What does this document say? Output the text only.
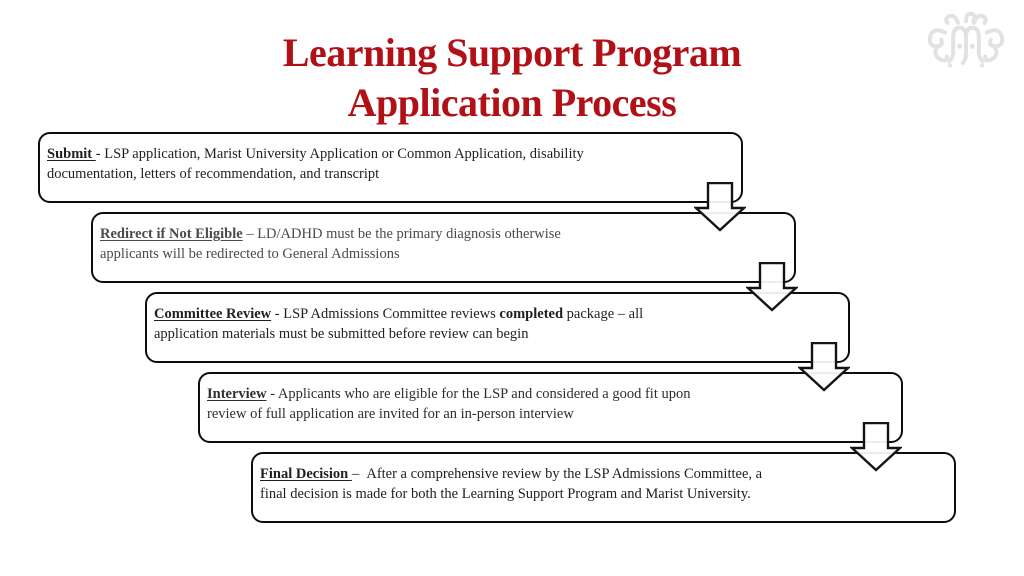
Learning Support Program
Application Process

Submit - LSP application, Marist University Application or Common Application, disability
documentation, letters of recommendation, and transcript

Redirect if Not Eligible – LD/ADHD must be the primary diagnosis otherwise
applicants will be redirected to General Admissions

Committee Review - LSP Admissions Committee reviews completed package – all
application materials must be submitted before review can begin

Interview - Applicants who are eligible for the LSP and considered a good fit upon
review of full application are invited for an in-person interview

Final Decision –  After a comprehensive review by the LSP Admissions Committee, a
final decision is made for both the Learning Support Program and Marist University.
